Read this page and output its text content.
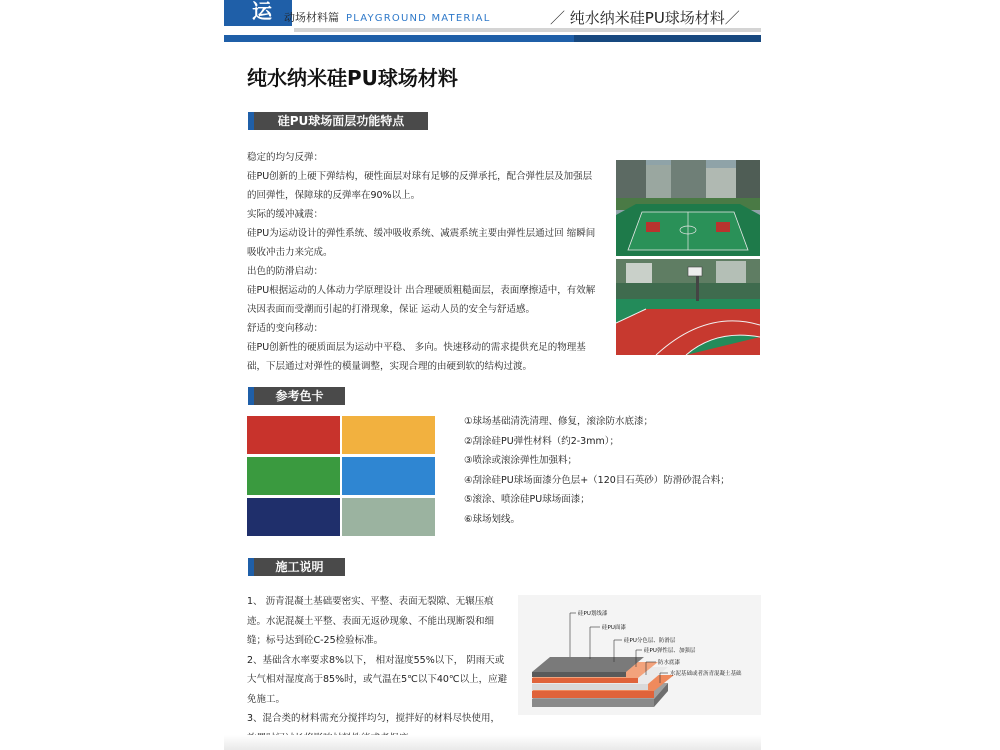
运	动场材料篇 PLAYGROUND MATERIAL	／ 纯水纳米硅PU球场材料／
纯水纳米硅PU球场材料
硅PU球场面层功能特点

稳定的均匀反弹：

硅PU创新的上硬下弹结构，硬性面层对球有足够的反弹承托，配合弹性层及加强层

的回弹性，保障球的反弹率在90%以上。

实际的缓冲减震：

硅PU为运动设计的弹性系统、缓冲吸收系统、减震系统主要由弹性层通过回 缩瞬间

吸收冲击力来完成。

出色的防滑启动：

硅PU根据运动的人体动力学原理设计 出合理硬质粗糙面层，表面摩擦适中，有效解

决因表面而受潮而引起的打滑现象，保证 运动人员的安全与舒适感。

舒适的变向移动：

硅PU创新性的硬质面层为运动中平稳、 多向。快速移动的需求提供充足的物理基

础，下层通过对弹性的模量调整，实现合理的由硬到软的结构过渡。

参考色卡

①球场基础清洗清理、修复，滚涂防水底漆；

②刮涂硅PU弹性材料（约2-3mm）；

③喷涂或滚涂弹性加强料；

④刮涂硅PU球场面漆分色层+（120目石英砂）防滑砂混合料；

⑤滚涂、喷涂硅PU球场面漆；

⑥球场划线。

施工说明

1、 沥青混凝土基础要密实、平整、表面无裂隙、无辗压痕

迹。水泥混凝土平整、表面无返砂现象、不能出现断裂和细

缝；标号达到砼C-25检验标准。

2、基础含水率要求8%以下， 相对湿度55%以下， 阴雨天或

大气相对湿度高于85%时，或气温在5℃以下40℃以上，应避

免施工。

3、混合类的材料需充分搅拌均匀，搅拌好的材料尽快使用，

硅PU划线漆
硅PU面漆
硅PU分色层、防滑层
硅PU弹性层、加强层
防水底漆
水泥基础或者沥青混凝土基础
